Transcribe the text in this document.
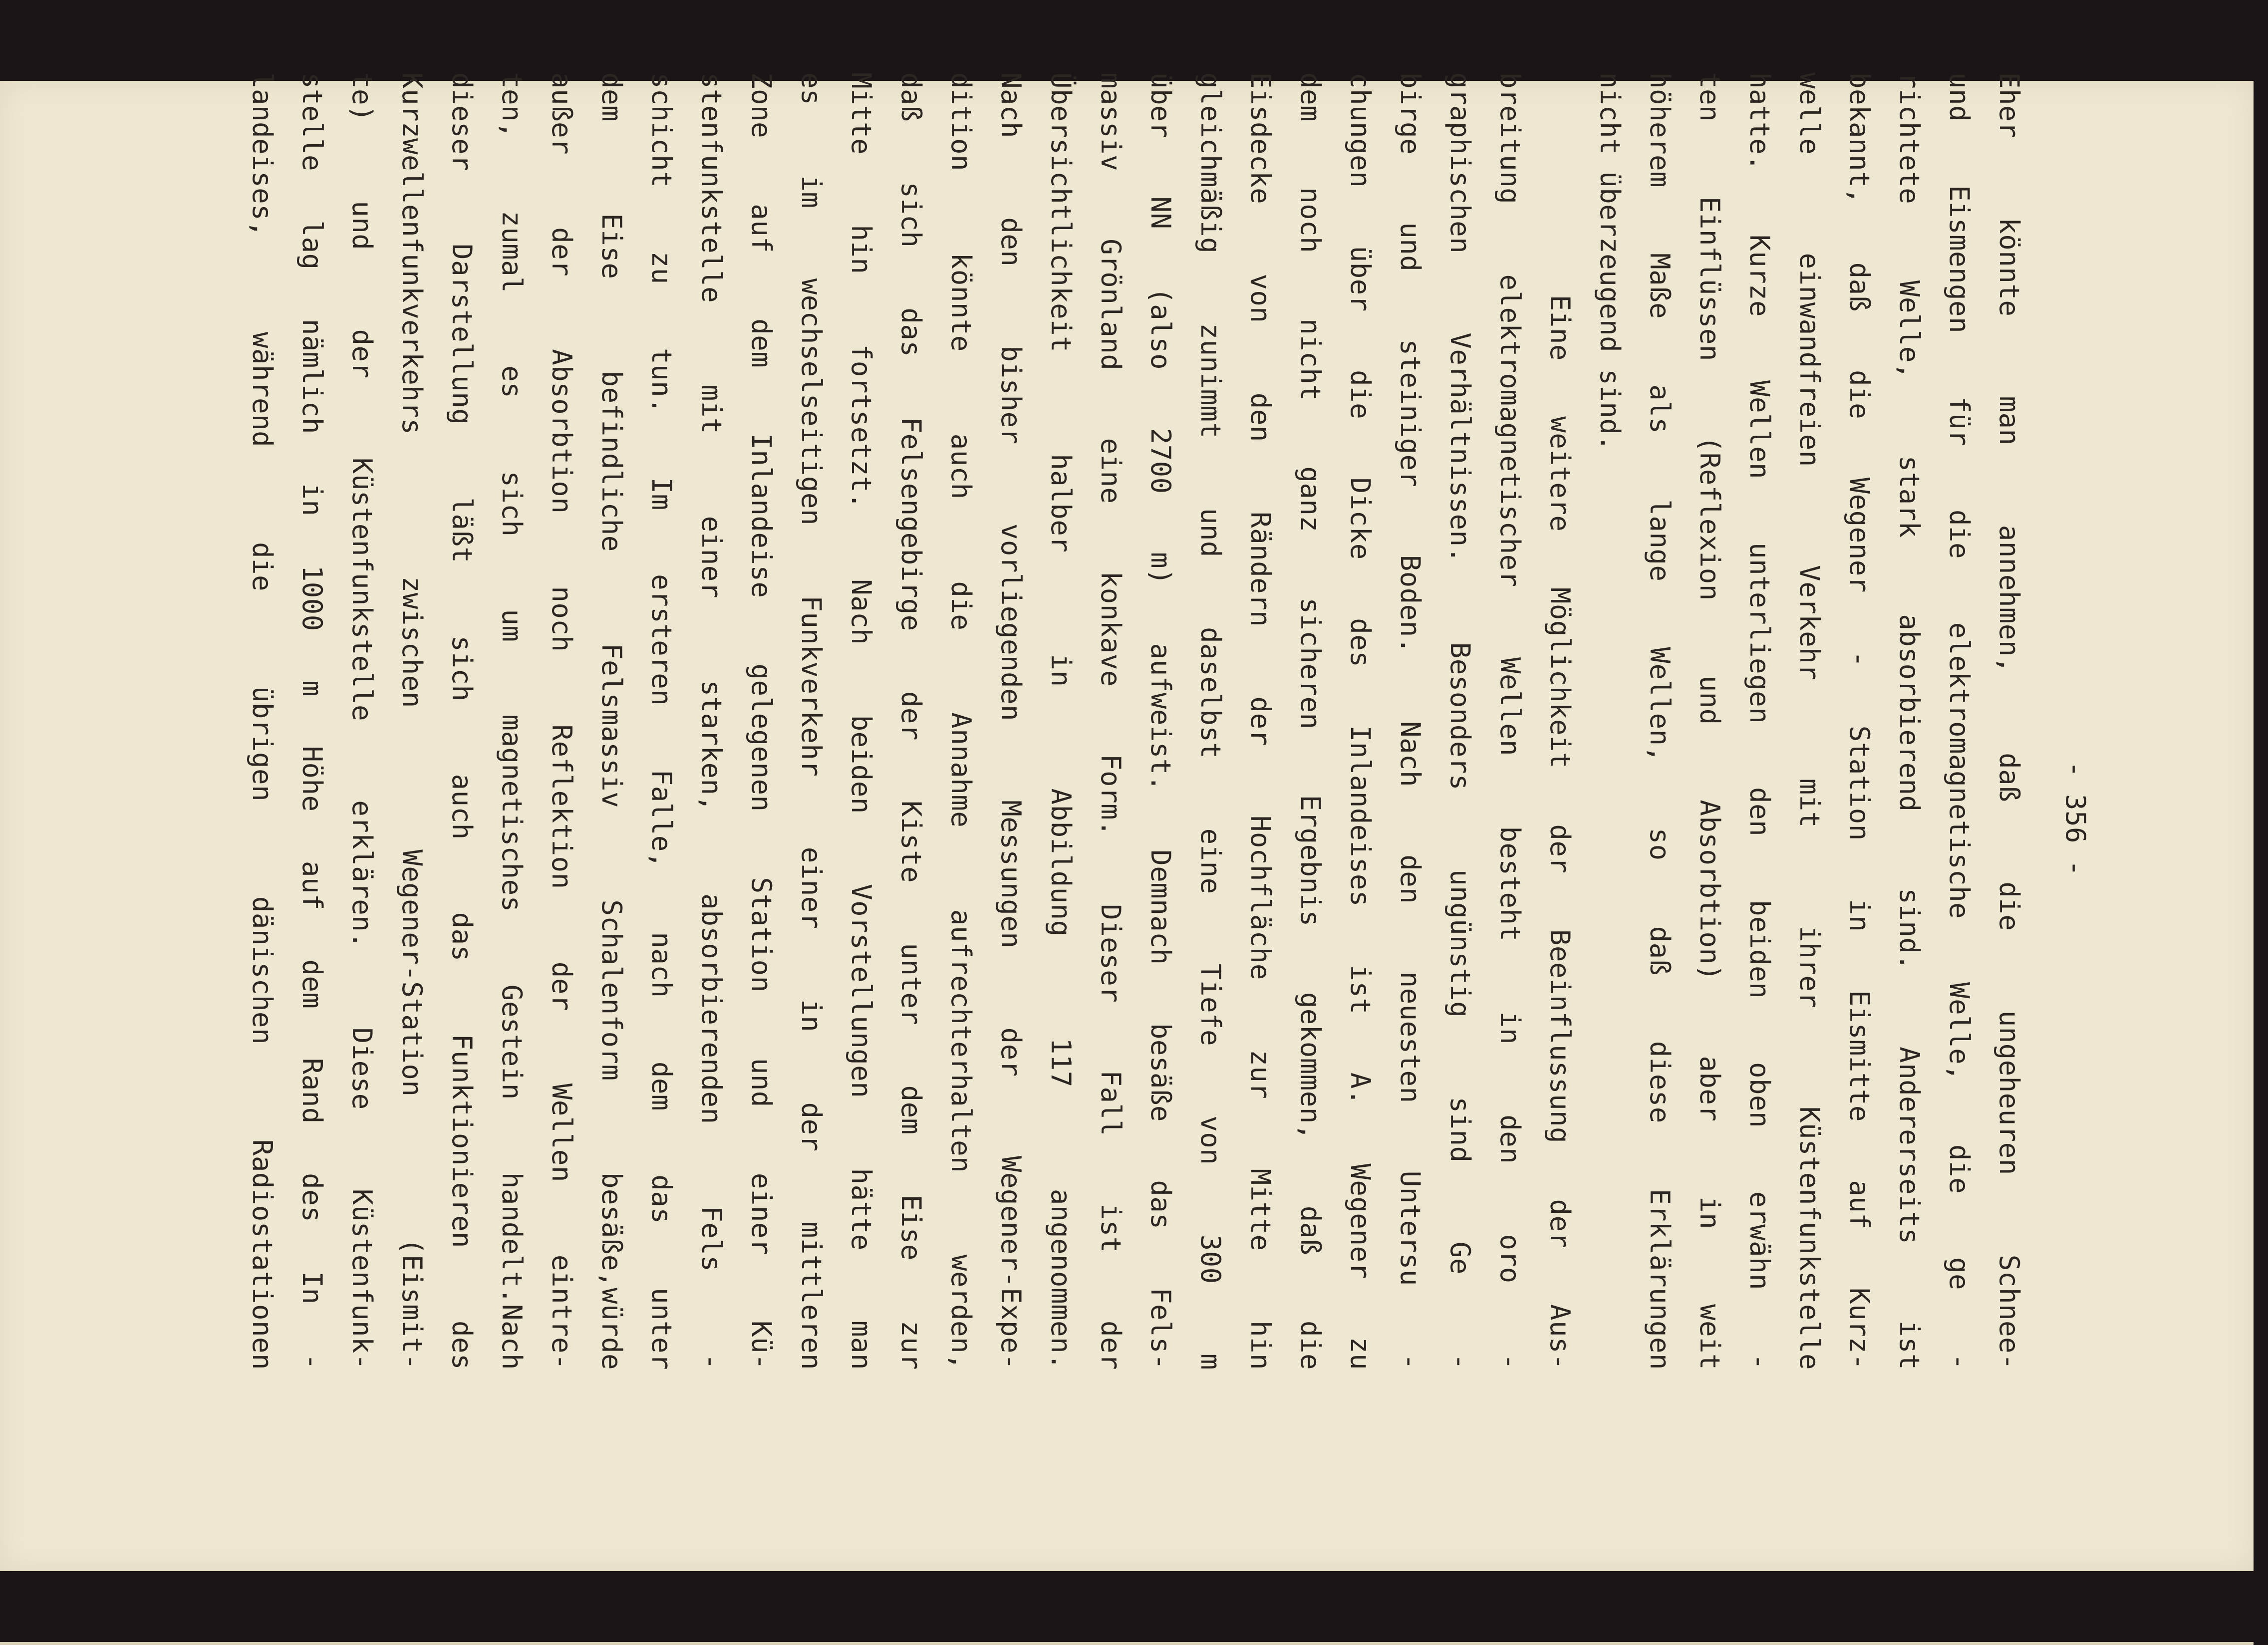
- 356 -
Eher könnte man annehmen, daß die ungeheuren Schnee-
und Eismengen für die elektromagnetische Welle, die ge -
richtete Welle, stark absorbierend sind. Andererseits ist
bekannt, daß die Wegener - Station in Eismitte auf Kurz-
welle einwandfreien Verkehr mit ihrer Küstenfunkstelle
hatte. Kurze Wellen unterliegen den beiden oben erwähn -
ten Einflüssen (Reflexion und Absorbtion) aber in weit
höherem Maße als lange Wellen, so daß diese Erklärungen
nicht überzeugend sind.
Eine weitere Möglichkeit der Beeinflussung der Aus-
breitung elektromagnetischer Wellen besteht in den oro -
graphischen Verhältnissen. Besonders ungünstig sind Ge -
birge und steiniger Boden. Nach den neuesten Untersu -
chungen über die Dicke des Inlandeises ist A. Wegener zu
dem noch nicht ganz sicheren Ergebnis gekommen, daß die
Eisdecke von den Rändern der Hochfläche zur Mitte hin
gleichmäßig zunimmt und daselbst eine Tiefe von 300 m
über NN (also 2700 m) aufweist. Demnach besäße das Fels-
massiv Grönland eine konkave Form. Dieser Fall ist der
Übersichtlichkeit halber in Abbildung 117 angenommen.
Nach den bisher vorliegenden Messungen der Wegener-Expe-
dition könnte auch die Annahme aufrechterhalten werden,
daß sich das Felsengebirge der Kiste unter dem Eise zur
Mitte hin fortsetzt. Nach beiden Vorstellungen hätte man
es im wechselseitigen Funkverkehr einer in der mittleren
Zone auf dem Inlandeise gelegenen Station und einer Kü-
stenfunkstelle mit einer starken, absorbierenden Fels -
schicht zu tun. Im ersteren Falle, nach dem das unter
dem Eise befindliche Felsmassiv Schalenform besäße,würde
außer der Absorbtion noch Reflektion der Wellen eintre-
ten, zumal es sich um magnetisches Gestein handelt.Nach
dieser Darstellung läßt sich auch das Funktionieren des
Kurzwellenfunkverkehrs zwischen Wegener-Station (Eismit-
te) und der Küstenfunkstelle erklären. Diese Küstenfunk-
stelle lag nämlich in 1000 m Höhe auf dem Rand des In -
landeises, während die übrigen dänischen Radiostationen
